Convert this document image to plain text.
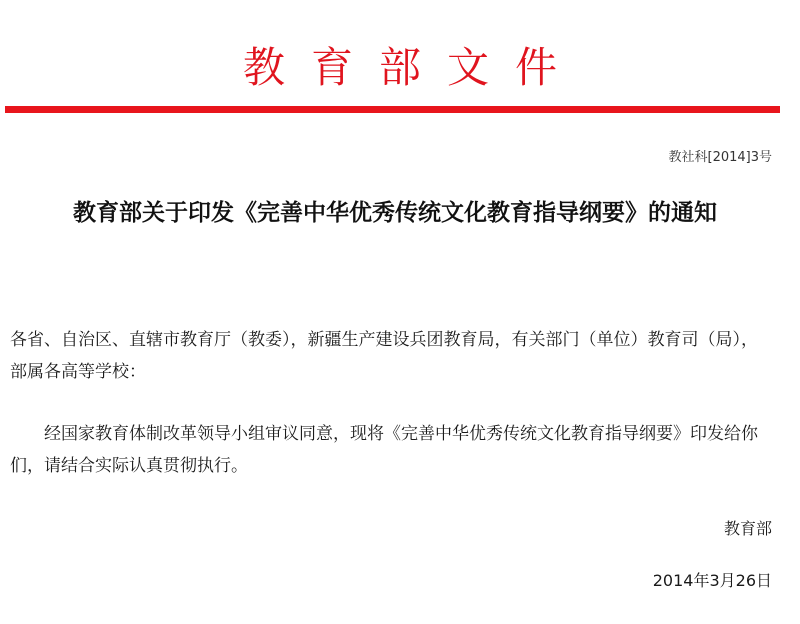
教育部文件
教社科[2014]3号
教育部关于印发《完善中华优秀传统文化教育指导纲要》的通知
各省、自治区、直辖市教育厅（教委），新疆生产建设兵团教育局，有关部门（单位）教育司（局），部属各高等学校：
经国家教育体制改革领导小组审议同意，现将《完善中华优秀传统文化教育指导纲要》印发给你们，请结合实际认真贯彻执行。
教育部
2014年3月26日
